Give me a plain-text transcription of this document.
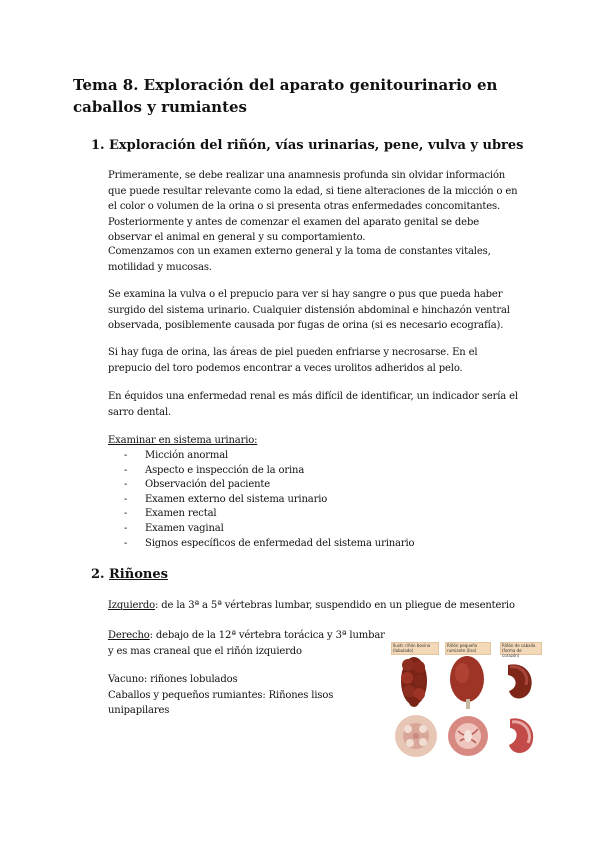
Tema 8. Exploración del aparato genitourinario en caballos y rumiantes
1. Exploración del riñón, vías urinarias, pene, vulva y ubres

Primeramente, se debe realizar una anamnesis profunda sin olvidar información que puede resultar relevante como la edad, si tiene alteraciones de la micción o en el color o volumen de la orina o si presenta otras enfermedades concomitantes. Posteriormente y antes de comenzar el examen del aparato genital se debe observar el animal en general y su comportamiento.

Comenzamos con un examen externo general y la toma de constantes vitales, motilidad y mucosas.

Se examina la vulva o el prepucio para ver si hay sangre o pus que pueda haber surgido del sistema urinario. Cualquier distensión abdominal e hinchazón ventral observada, posiblemente causada por fugas de orina (si es necesario ecografía).

Si hay fuga de orina, las áreas de piel pueden enfriarse y necrosarse. En el prepucio del toro podemos encontrar a veces urolitos adheridos al pelo.

En équidos una enfermedad renal es más difícil de identificar, un indicador sería el sarro dental.

Examinar en sistema urinario:

- Micción anormal
- Aspecto e inspección de la orina
- Observación del paciente
- Examen externo del sistema urinario
- Examen rectal
- Examen vaginal
- Signos específicos de enfermedad del sistema urinario
2. Riñones

Izquierdo: de la 3ª a 5ª vértebras lumbar, suspendido en un pliegue de mesenterio

Derecho: debajo de la 12ª vértebra torácica y 3ª lumbar y es mas craneal que el riñón izquierdo

Vacuno: riñones lobulados
Caballos y pequeños rumiantes: Riñones lisos unipapilares

Ilustr. riñón bovino (lobulado)
Riñón pequeño rumiante (liso)
Riñón de caballo (forma de corazón)
